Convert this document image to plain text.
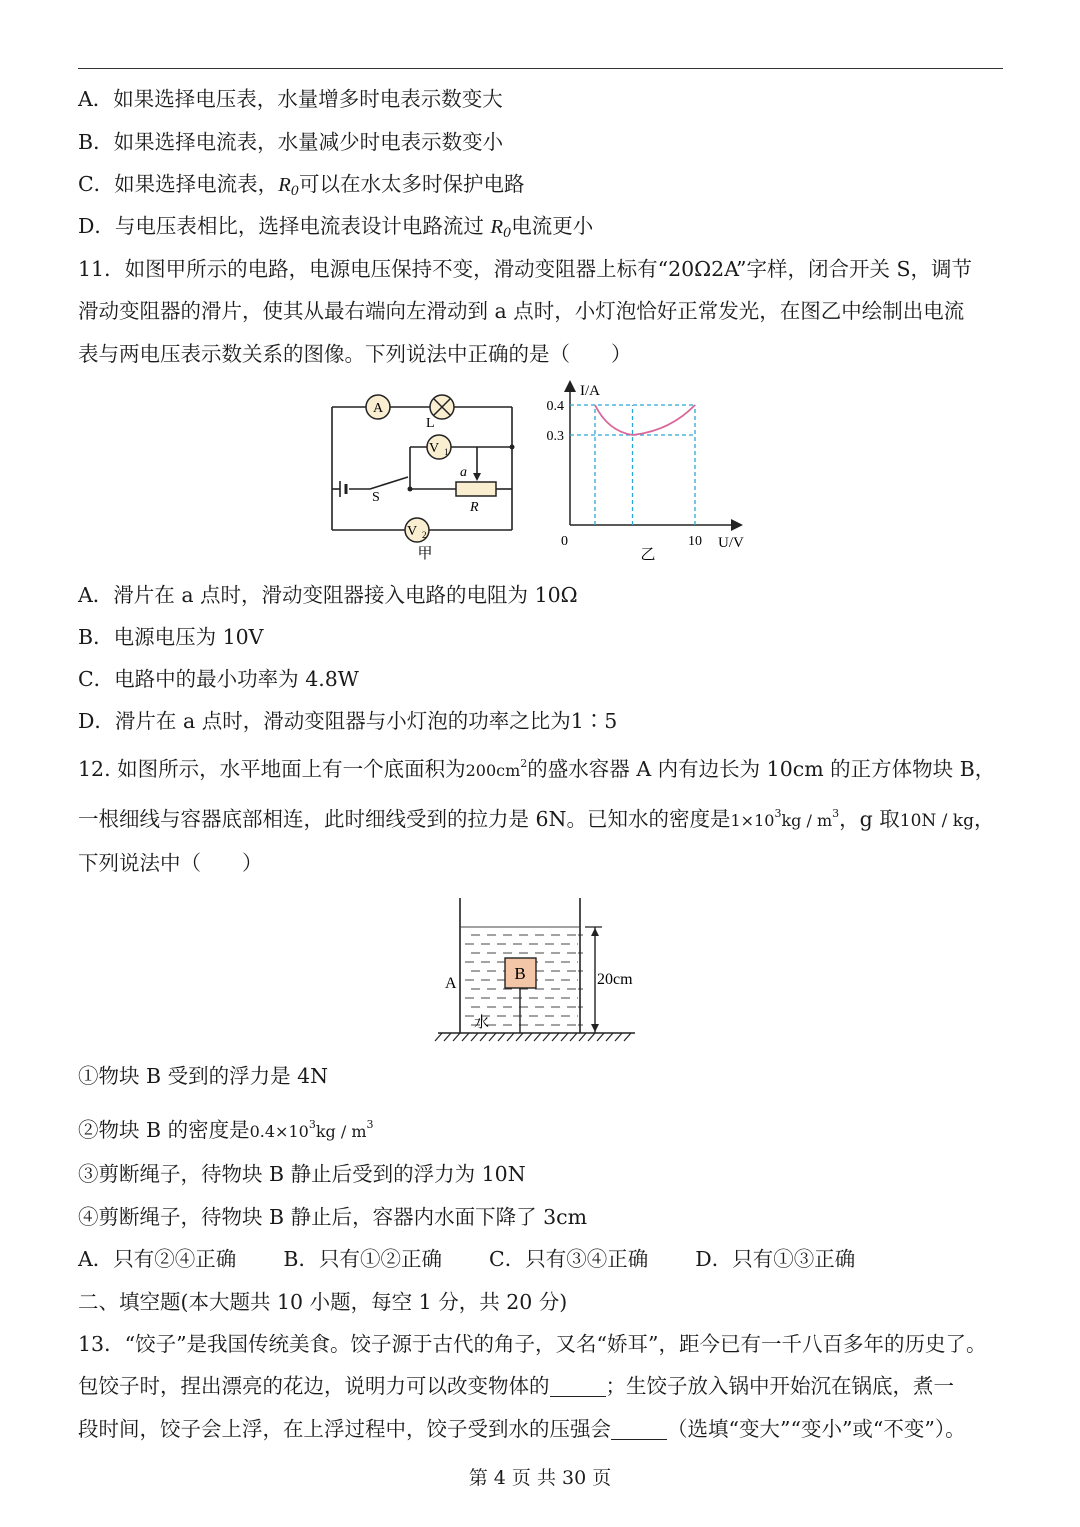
A．如果选择电压表，水量增多时电表示数变大
B．如果选择电流表，水量减少时电表示数变小
C．如果选择电流表，$R_0$可以在水太多时保护电路
D．与电压表相比，选择电流表设计电路流过 $R_0$电流更小
11．如图甲所示的电路，电源电压保持不变，滑动变阻器上标有“20Ω2A”字样，闭合开关 S，调节
滑动变阻器的滑片，使其从最右端向左滑动到 a 点时，小灯泡恰好正常发光，在图乙中绘制出电流
表与两电压表示数关系的图像。下列说法中正确的是（　　）
A
L
V 1
V 2
a
R
S
甲
I/A
U/V
0
0.4
0.3
10
乙
A．滑片在 a 点时，滑动变阻器接入电路的电阻为 10Ω
B．电源电压为 10V
C．电路中的最小功率为 4.8W
D．滑片在 a 点时，滑动变阻器与小灯泡的功率之比为1∶5
12. 如图所示，水平地面上有一个底面积为$200cm^2$的盛水容器 A 内有边长为 10cm 的正方体物块 B，
一根细线与容器底部相连，此时细线受到的拉力是 6N。已知水的密度是$1\times 10^3kg / m^3$，g 取10N / kg，
下列说法中（　　）
B
A
水
20cm
①物块 B 受到的浮力是 4N
②物块 B 的密度是$0.4\times 10^3kg / m^3$
③剪断绳子，待物块 B 静止后受到的浮力为 10N
④剪断绳子，待物块 B 静止后，容器内水面下降了 3cm
A．只有②④正确 B．只有①②正确 C．只有③④正确 D．只有①③正确
二、填空题(本大题共 10 小题，每空 1 分，共 20 分)
13．“饺子”是我国传统美食。饺子源于古代的角子，又名“娇耳”，距今已有一千八百多年的历史了。
包饺子时，捏出漂亮的花边，说明力可以改变物体的	；生饺子放入锅中开始沉在锅底，煮一
段时间，饺子会上浮，在上浮过程中，饺子受到水的压强会	（选填“变大”“变小”或“不变”）。
第 4 页 共 30 页
